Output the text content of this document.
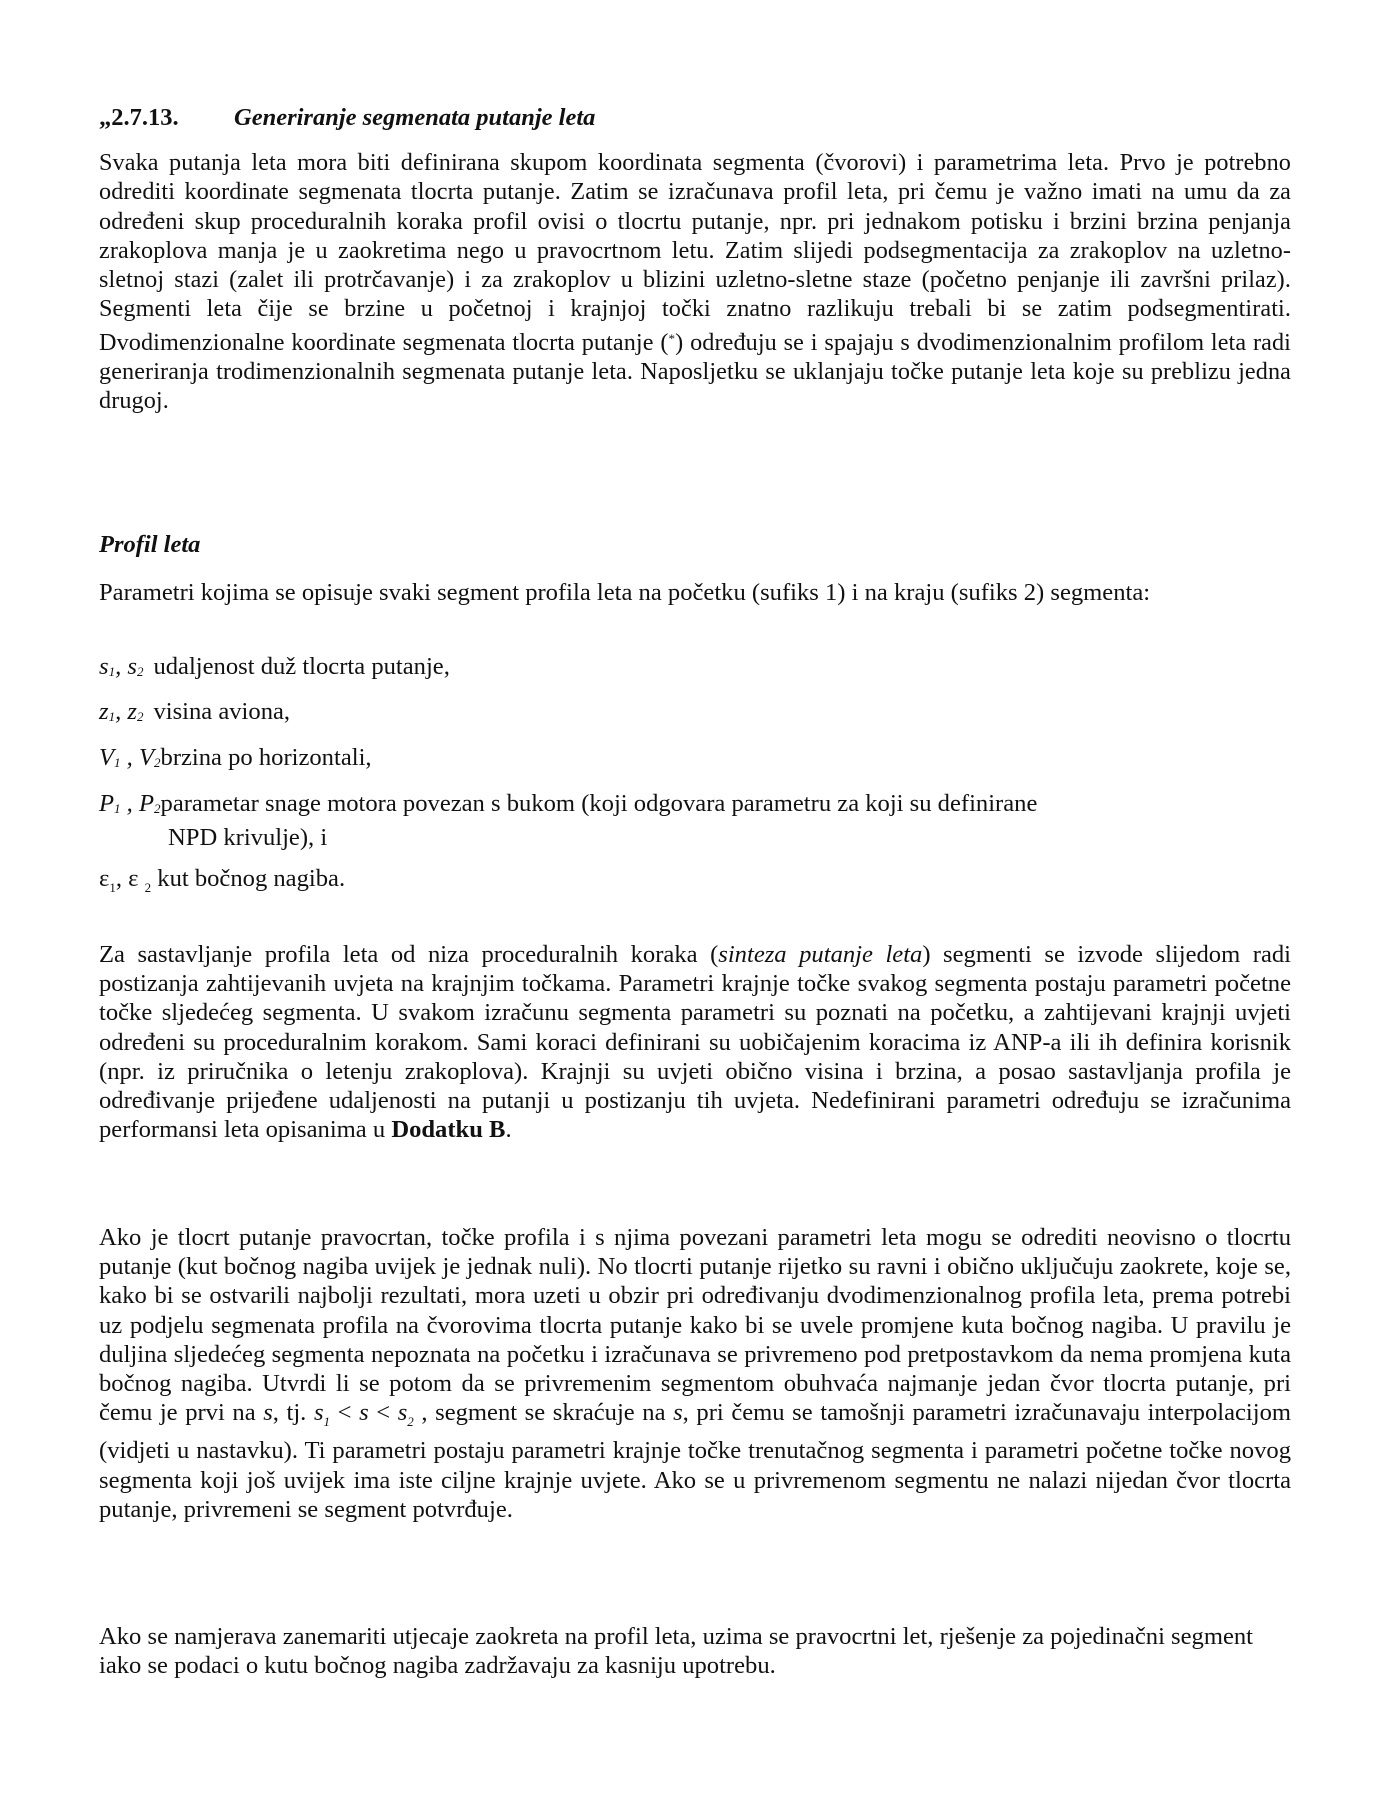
„2.7.13. Generiranje segmenata putanje leta
Svaka putanja leta mora biti definirana skupom koordinata segmenta (čvorovi) i parametrima leta. Prvo je potrebno odrediti koordinate segmenata tlocrta putanje. Zatim se izračunava profil leta, pri čemu je važno imati na umu da za određeni skup proceduralnih koraka profil ovisi o tlocrtu putanje, npr. pri jednakom potisku i brzini brzina penjanja zrakoplova manja je u zaokretima nego u pravocrtnom letu. Zatim slijedi podsegmentacija za zrakoplov na uzletno-sletnoj stazi (zalet ili protrčavanje) i za zrakoplov u blizini uzletno-sletne staze (početno penjanje ili završni prilaz). Segmenti leta čije se brzine u početnoj i krajnjoj točki znatno razlikuju trebali bi se zatim podsegmentirati. Dvodimenzionalne koordinate segmenata tlocrta putanje (*) određuju se i spajaju s dvodimenzionalnim profilom leta radi generiranja trodimenzionalnih segmenata putanje leta. Naposljetku se uklanjaju točke putanje leta koje su preblizu jedna drugoj.
Profil leta
Parametri kojima se opisuje svaki segment profila leta na početku (sufiks 1) i na kraju (sufiks 2) segmenta:
$s_1$, $s_2$ udaljenost duž tlocrta putanje,
$z_1$, $z_2$ visina aviona,
$V_1$ , $V_2brzina$ po horizontali,
$P_1$ , $P_2parametar$ snage motora povezan s bukom (koji odgovara parametru za koji su definirane
NPD krivulje), i
$\varepsilon_1$, ε $_2$ kut bočnog nagiba.
Za sastavljanje profila leta od niza proceduralnih koraka (sinteza putanje leta) segmenti se izvode slijedom radi postizanja zahtijevanih uvjeta na krajnjim točkama. Parametri krajnje točke svakog segmenta postaju parametri početne točke sljedećeg segmenta. U svakom izračunu segmenta parametri su poznati na početku, a zahtijevani krajnji uvjeti određeni su proceduralnim korakom. Sami koraci definirani su uobičajenim koracima iz ANP-a ili ih definira korisnik (npr. iz priručnika o letenju zrakoplova). Krajnji su uvjeti obično visina i brzina, a posao sastavljanja profila je određivanje prijeđene udaljenosti na putanji u postizanju tih uvjeta. Nedefinirani parametri određuju se izračunima performansi leta opisanima u Dodatku B.
Ako je tlocrt putanje pravocrtan, točke profila i s njima povezani parametri leta mogu se odrediti neovisno o tlocrtu putanje (kut bočnog nagiba uvijek je jednak nuli). No tlocrti putanje rijetko su ravni i obično uključuju zaokrete, koje se, kako bi se ostvarili najbolji rezultati, mora uzeti u obzir pri određivanju dvodimenzionalnog profila leta, prema potrebi uz podjelu segmenata profila na čvorovima tlocrta putanje kako bi se uvele promjene kuta bočnog nagiba. U pravilu je duljina sljedećeg segmenta nepoznata na početku i izračunava se privremeno pod pretpostavkom da nema promjena kuta bočnog nagiba. Utvrdi li se potom da se privremenim segmentom obuhvaća najmanje jedan čvor tlocrta putanje, pri čemu je prvi na s, tj. $s_1 < s < s_2$ , segment se skraćuje na s, pri čemu se tamošnji parametri izračunavaju interpolacijom (vidjeti u nastavku). Ti parametri postaju parametri krajnje točke trenutačnog segmenta i parametri početne točke novog segmenta koji još uvijek ima iste ciljne krajnje uvjete. Ako se u privremenom segmentu ne nalazi nijedan čvor tlocrta putanje, privremeni se segment potvrđuje.
Ako se namjerava zanemariti utjecaje zaokreta na profil leta, uzima se pravocrtni let, rješenje za pojedinačni segment iako se podaci o kutu bočnog nagiba zadržavaju za kasniju upotrebu.
